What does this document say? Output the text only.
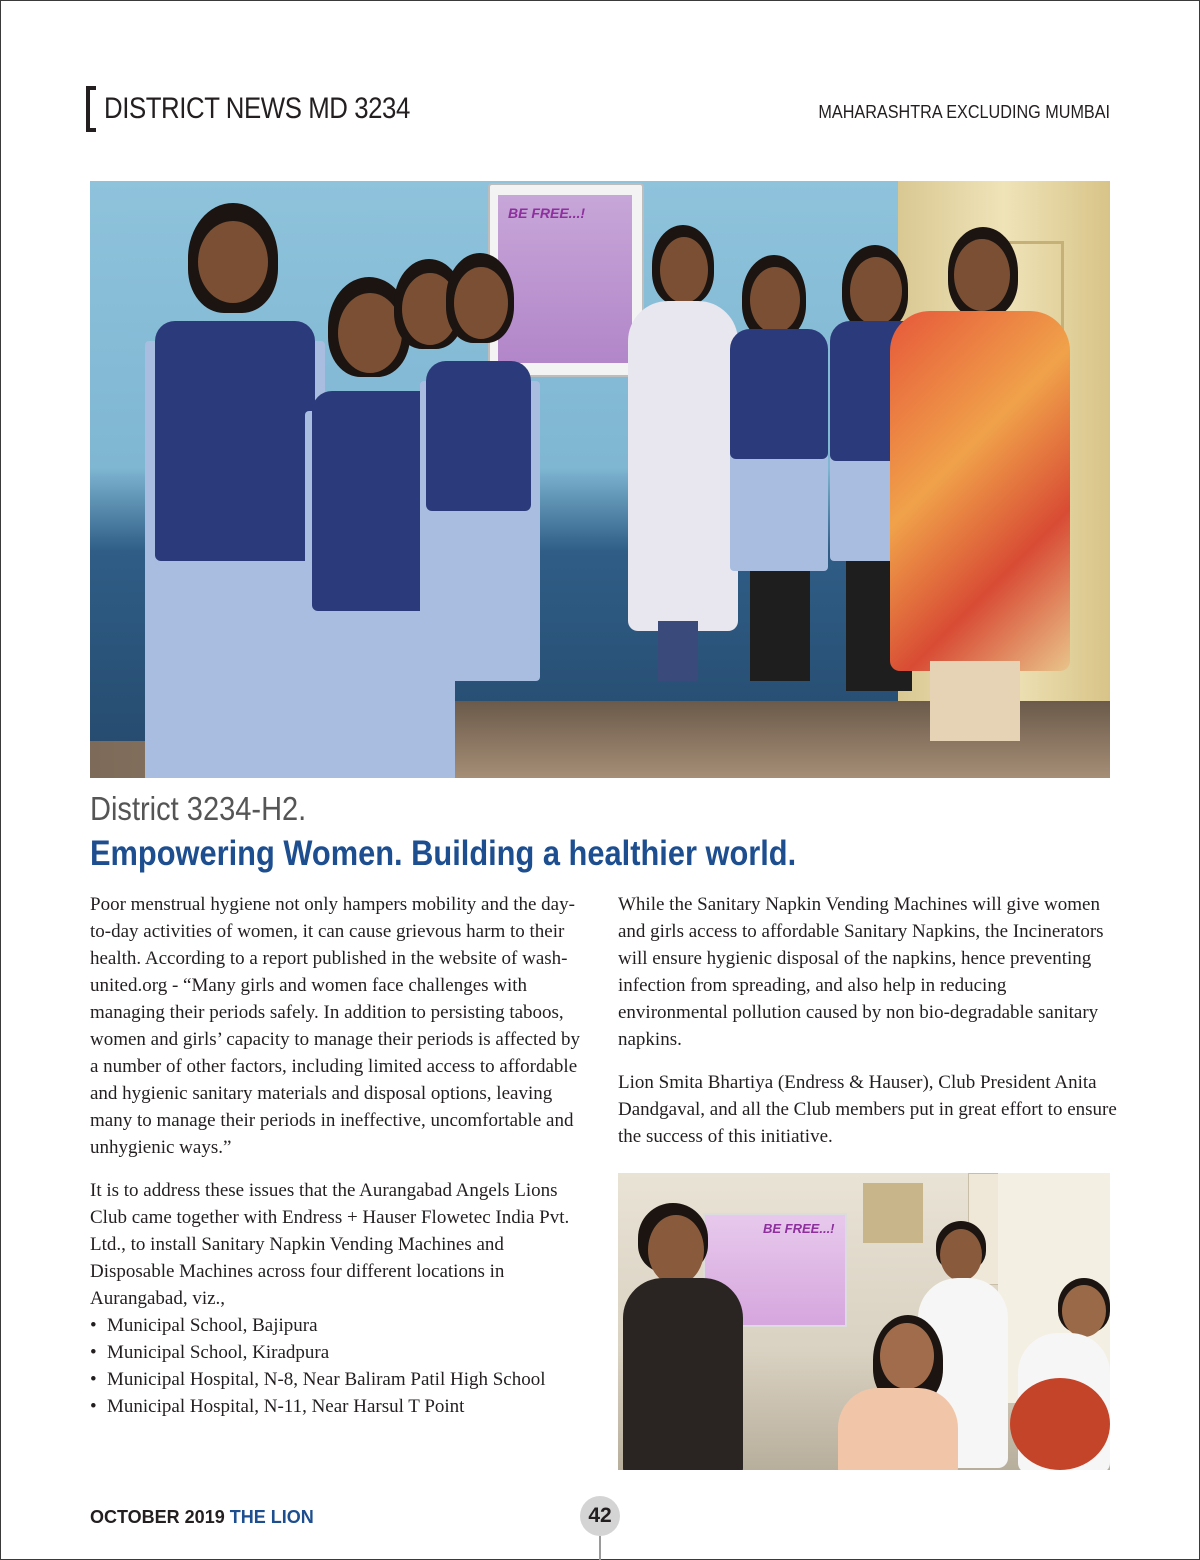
DISTRICT NEWS MD 3234	MAHARASHTRA EXCLUDING MUMBAI
BE FREE...!
District 3234-H2.
Empowering Women. Building a healthier world.

Poor menstrual hygiene not only hampers mobility and the day-to-day activities of women, it can cause grievous harm to their health. According to a report published in the website of wash-united.org - “Many girls and women face challenges with managing their periods safely. In addition to persisting taboos, women and girls’ capacity to manage their periods is affected by a number of other factors, including limited access to affordable and hygienic sanitary materials and disposal options, leaving many to manage their periods in ineffective, uncomfortable and unhygienic ways.”

It is to address these issues that the Aurangabad Angels Lions Club came together with Endress + Hauser Flowetec India Pvt. Ltd., to install Sanitary Napkin Vending Machines and Disposable Machines across four different locations in Aurangabad, viz.,

• Municipal School, Bajipura
• Municipal School, Kiradpura
• Municipal Hospital, N-8, Near Baliram Patil High School
• Municipal Hospital, N-11, Near Harsul T Point

While the Sanitary Napkin Vending Machines will give women and girls access to affordable Sanitary Napkins, the Incinerators will ensure hygienic disposal of the napkins, hence preventing infection from spreading, and also help in reducing environmental pollution caused by non bio-degradable sanitary napkins.

Lion Smita Bhartiya (Endress & Hauser), Club President Anita Dandgaval, and all the Club members put in great effort to ensure the success of this initiative.

BE FREE...!
OCTOBER 2019 THE LION	42
